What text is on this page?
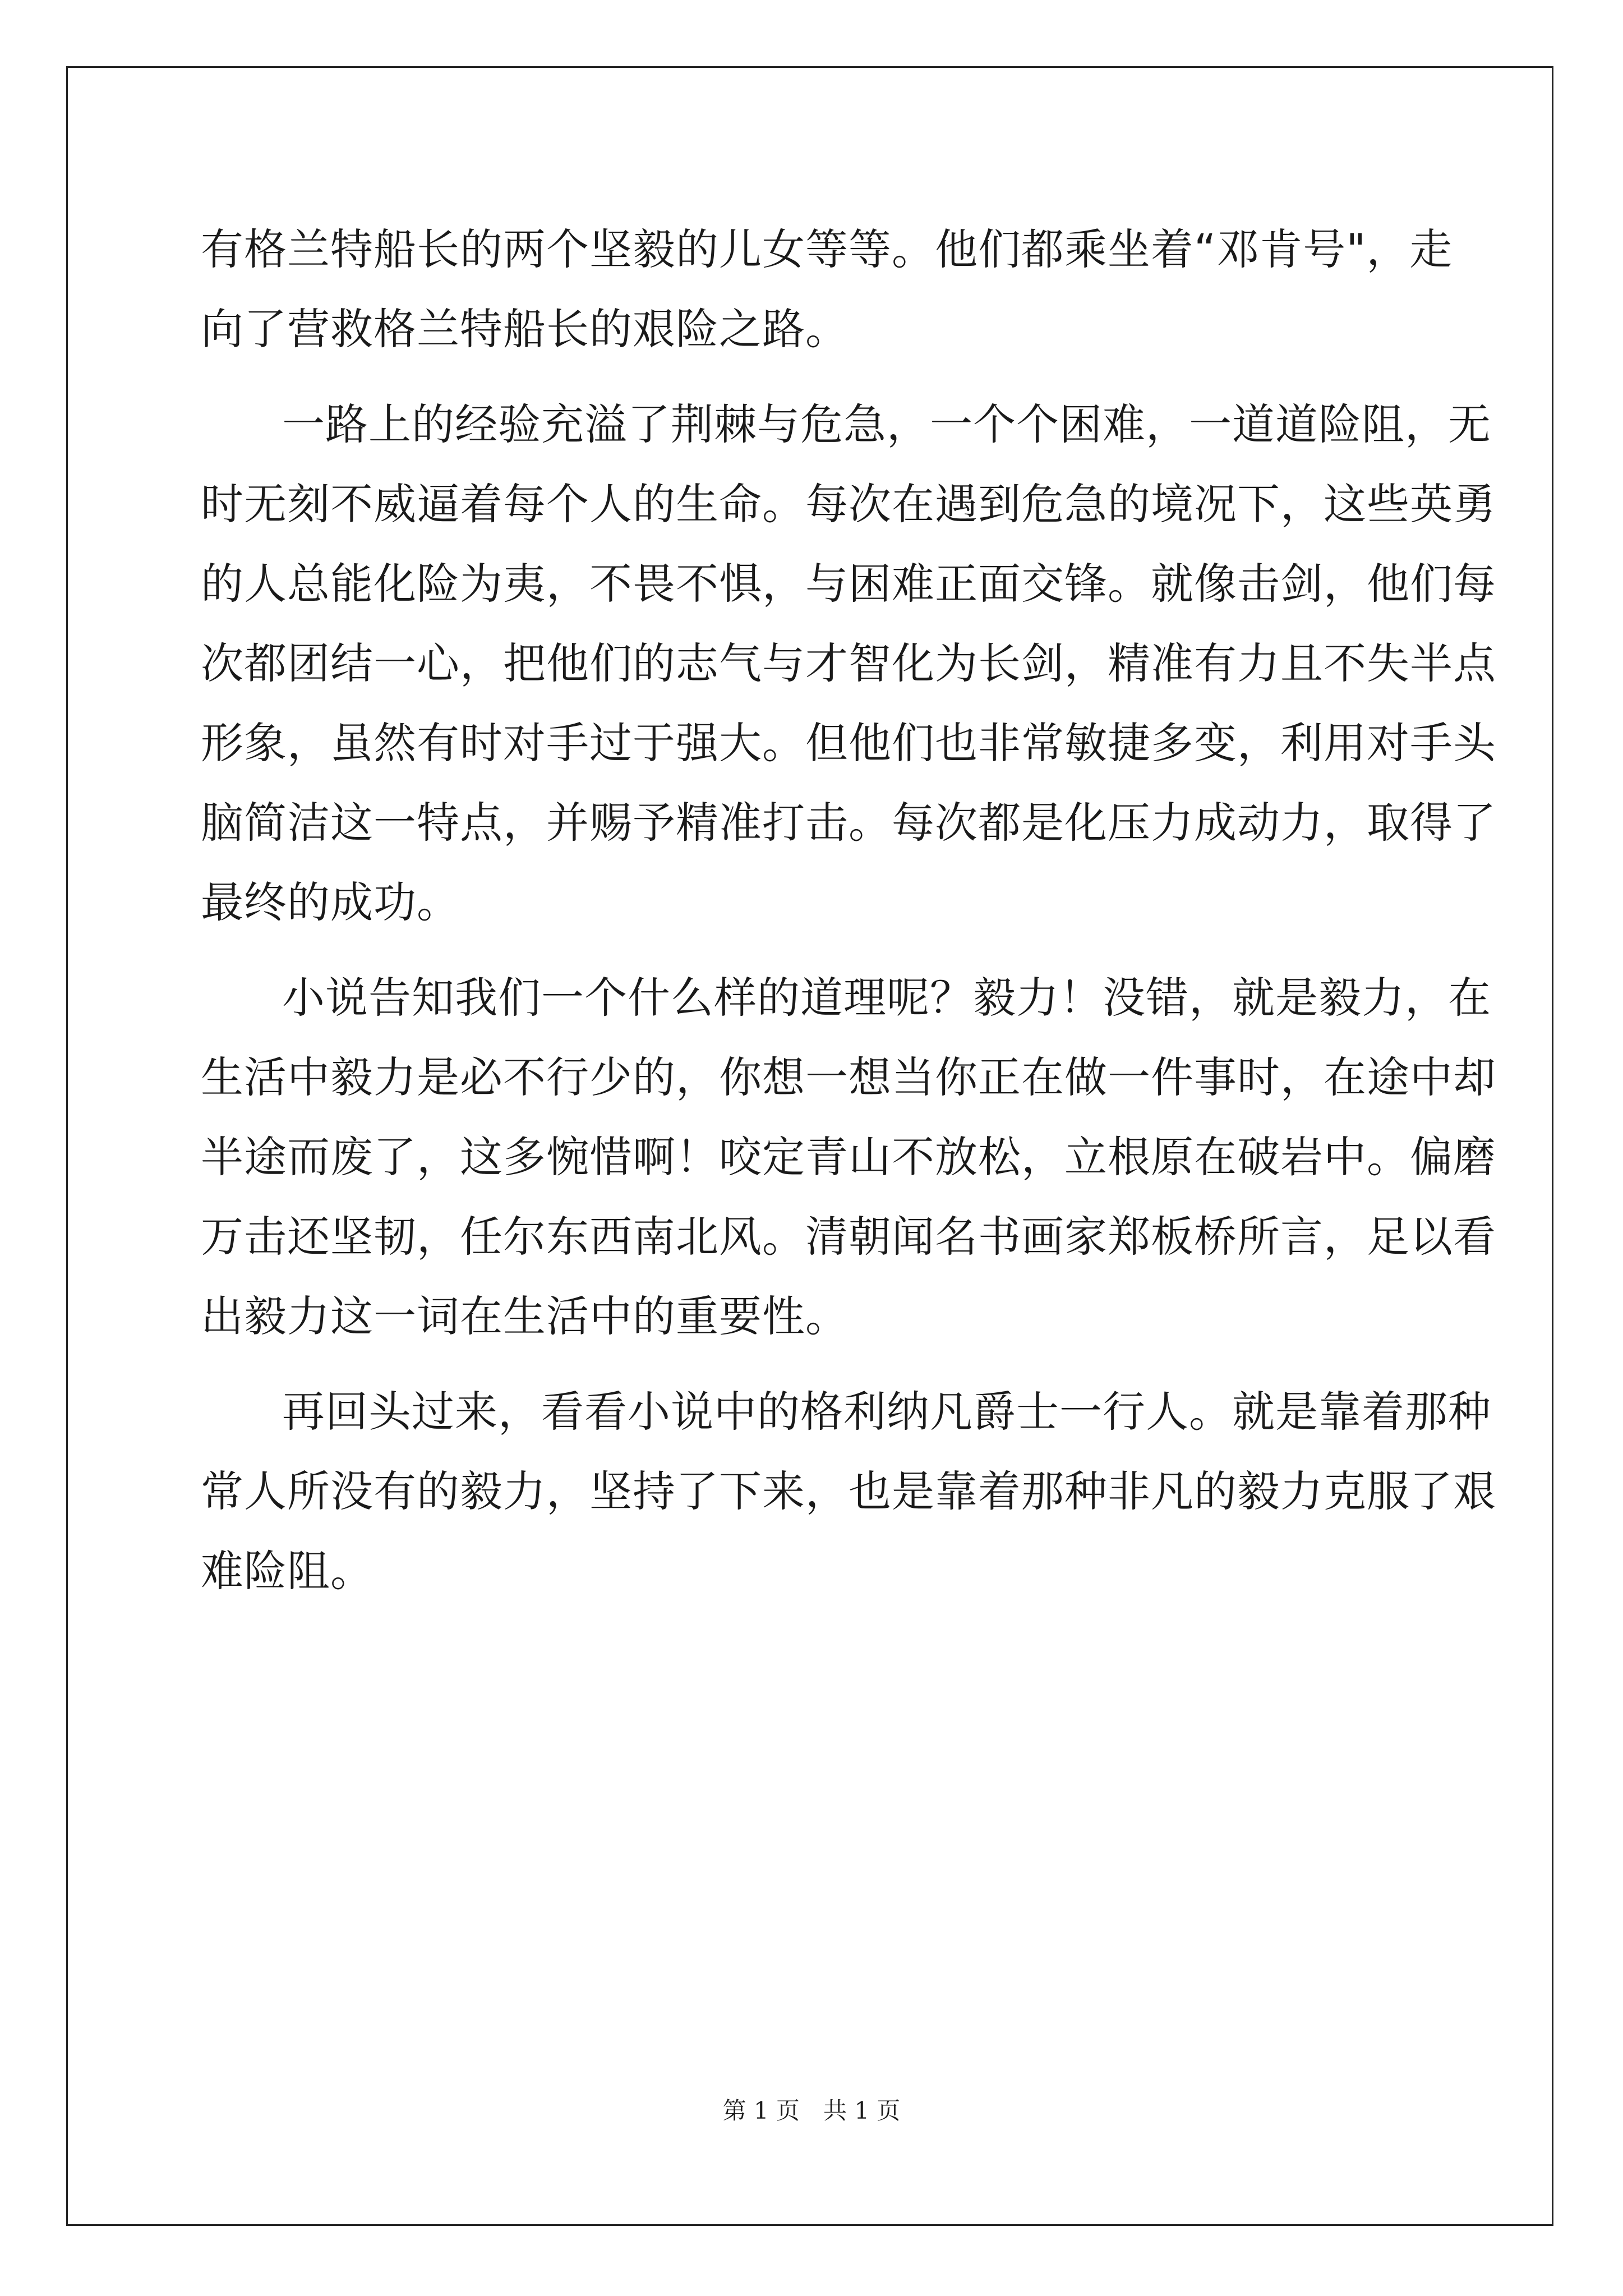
有格兰特船长的两个坚毅的儿女等等。他们都乘坐着“邓肯号"，走
向了营救格兰特船长的艰险之路。
一路上的经验充溢了荆棘与危急，一个个困难，一道道险阻，无
时无刻不威逼着每个人的生命。每次在遇到危急的境况下，这些英勇
的人总能化险为夷，不畏不惧，与困难正面交锋。就像击剑，他们每
次都团结一心，把他们的志气与才智化为长剑，精准有力且不失半点
形象，虽然有时对手过于强大。但他们也非常敏捷多变，利用对手头
脑简洁这一特点，并赐予精准打击。每次都是化压力成动力，取得了
最终的成功。
小说告知我们一个什么样的道理呢？毅力！没错，就是毅力，在
生活中毅力是必不行少的，你想一想当你正在做一件事时，在途中却
半途而废了，这多惋惜啊！咬定青山不放松，立根原在破岩中。偏磨
万击还坚韧，任尔东西南北风。清朝闻名书画家郑板桥所言，足以看
出毅力这一词在生活中的重要性。
再回头过来，看看小说中的格利纳凡爵士一行人。就是靠着那种
常人所没有的毅力，坚持了下来，也是靠着那种非凡的毅力克服了艰
难险阻。
第 1 页　共 1 页
